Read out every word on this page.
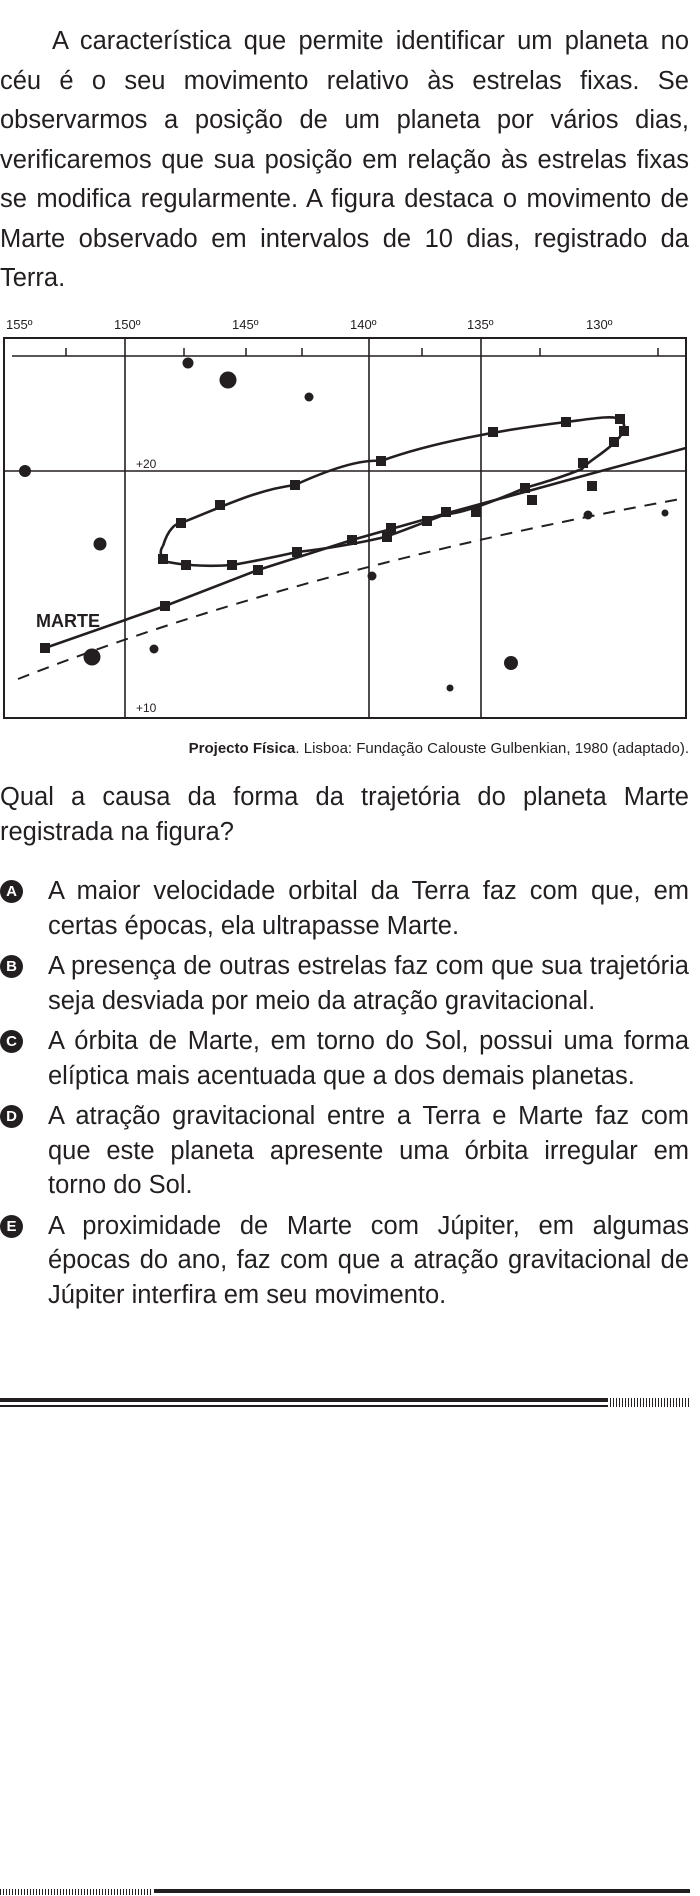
A característica que permite identificar um planeta no céu é o seu movimento relativo às estrelas fixas. Se observarmos a posição de um planeta por vários dias, verificaremos que sua posição em relação às estrelas fixas se modifica regularmente. A figura destaca o movimento de Marte observado em intervalos de 10 dias, registrado da Terra.

155º	150º	145º	140º	135º	130º
+20
+10
MARTE

Projecto Física. Lisboa: Fundação Calouste Gulbenkian, 1980 (adaptado).

Qual a causa da forma da trajetória do planeta Marte registrada na figura?

A A maior velocidade orbital da Terra faz com que, em certas épocas, ela ultrapasse Marte.
B A presença de outras estrelas faz com que sua trajetória seja desviada por meio da atração gravitacional.
C A órbita de Marte, em torno do Sol, possui uma forma elíptica mais acentuada que a dos demais planetas.
D A atração gravitacional entre a Terra e Marte faz com que este planeta apresente uma órbita irregular em torno do Sol.
E A proximidade de Marte com Júpiter, em algumas épocas do ano, faz com que a atração gravitacional de Júpiter interfira em seu movimento.
